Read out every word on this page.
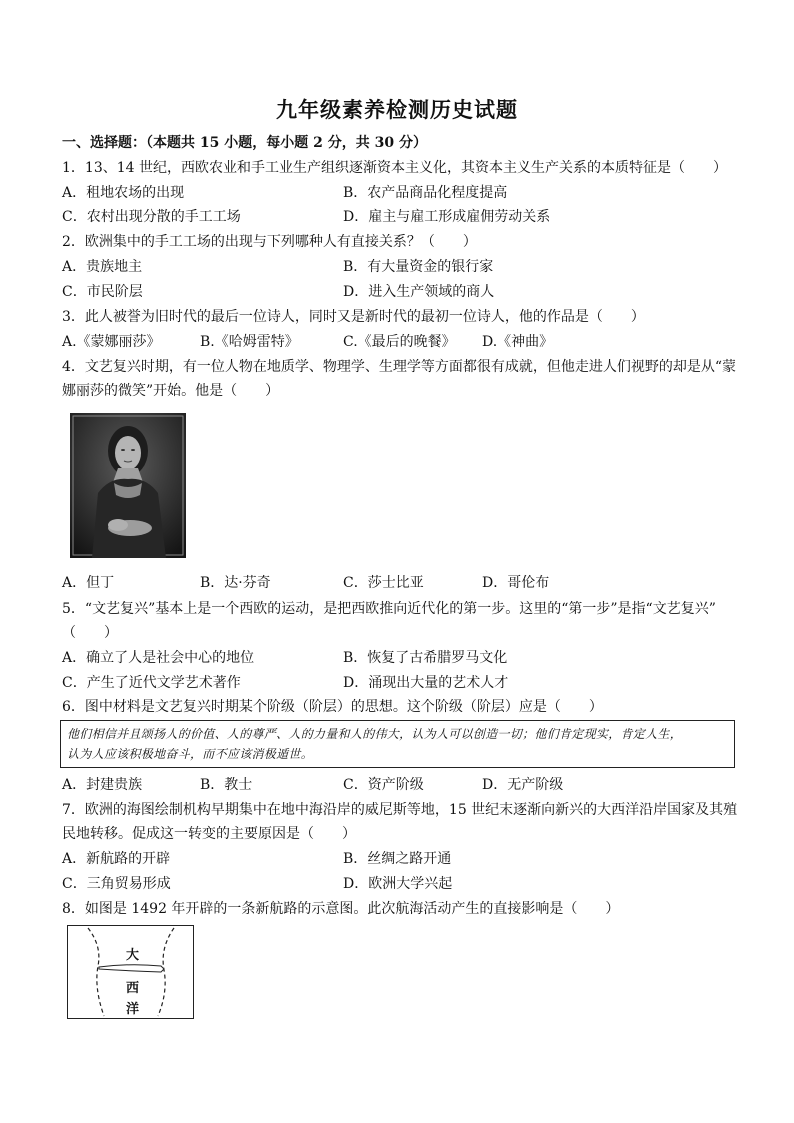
九年级素养检测历史试题
一、选择题：（本题共 15 小题，每小题 2 分，共 30 分）
1．13、14 世纪，西欧农业和手工业生产组织逐渐资本主义化，其资本主义生产关系的本质特征是（　　）
A．租地农场的出现	B．农产品商品化程度提高
C．农村出现分散的手工工场	D．雇主与雇工形成雇佣劳动关系
2．欧洲集中的手工工场的出现与下列哪种人有直接关系？（　　）
A．贵族地主	B．有大量资金的银行家
C．市民阶层	D．进入生产领域的商人
3．此人被誉为旧时代的最后一位诗人，同时又是新时代的最初一位诗人，他的作品是（　　）
A.《蒙娜丽莎》	B.《哈姆雷特》	C.《最后的晚餐》 D.《神曲》
4．文艺复兴时期，有一位人物在地质学、物理学、生理学等方面都很有成就，但他走进人们视野的却是从“蒙
娜丽莎的微笑”开始。他是（　　）
A．但丁	B．达·芬奇	C．莎士比亚	D．哥伦布
5．“文艺复兴”基本上是一个西欧的运动，是把西欧推向近代化的第一步。这里的“第一步”是指“文艺复兴”
（　　）
A．确立了人是社会中心的地位	B．恢复了古希腊罗马文化
C．产生了近代文学艺术著作	D．涌现出大量的艺术人才
6．图中材料是文艺复兴时期某个阶级（阶层）的思想。这个阶级（阶层）应是（　　）
他们相信并且颂扬人的价值、人的尊严、人的力量和人的伟大，认为人可以创造一切；他们肯定现实，肯定人生，
认为人应该积极地奋斗，而不应该消极遁世。
A．封建贵族	B．教士	C．资产阶级	D．无产阶级
7．欧洲的海图绘制机构早期集中在地中海沿岸的威尼斯等地，15 世纪末逐渐向新兴的大西洋沿岸国家及其殖
民地转移。促成这一转变的主要原因是（　　）
A．新航路的开辟	B．丝绸之路开通
C．三角贸易形成	D．欧洲大学兴起
8．如图是 1492 年开辟的一条新航路的示意图。此次航海活动产生的直接影响是（　　）
大
西
洋
